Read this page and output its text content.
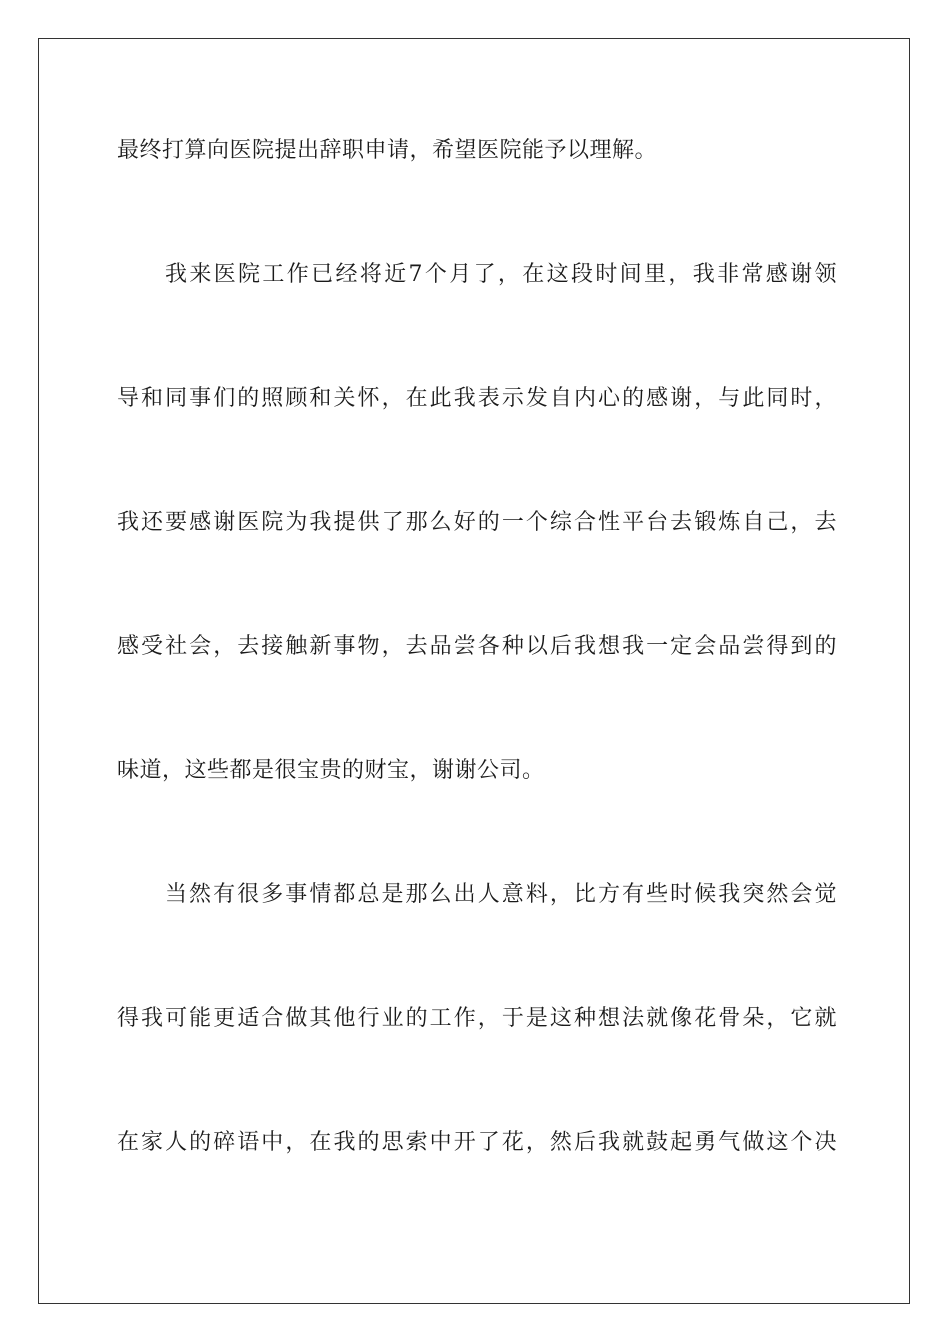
最终打算向医院提出辞职申请，希望医院能予以理解。
我来医院工作已经将近7个月了，在这段时间里，我非常感谢领
导和同事们的照顾和关怀，在此我表示发自内心的感谢，与此同时，
我还要感谢医院为我提供了那么好的一个综合性平台去锻炼自己，去
感受社会，去接触新事物，去品尝各种以后我想我一定会品尝得到的
味道，这些都是很宝贵的财宝，谢谢公司。
当然有很多事情都总是那么出人意料，比方有些时候我突然会觉
得我可能更适合做其他行业的工作，于是这种想法就像花骨朵，它就
在家人的碎语中，在我的思索中开了花，然后我就鼓起勇气做这个决
